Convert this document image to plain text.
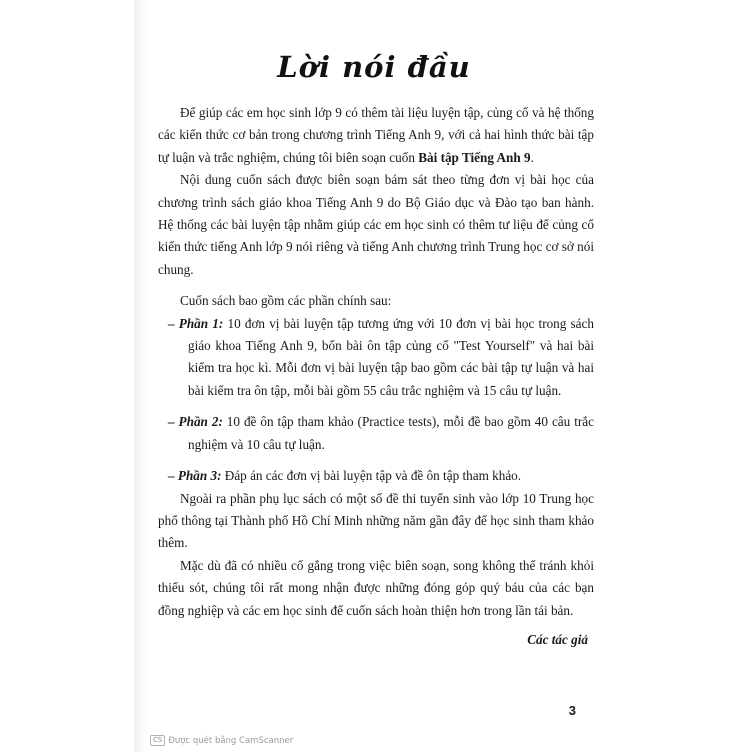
Lời nói đầu

Để giúp các em học sinh lớp 9 có thêm tài liệu luyện tập, củng cố và hệ thống các kiến thức cơ bản trong chương trình Tiếng Anh 9, với cả hai hình thức bài tập tự luận và trắc nghiệm, chúng tôi biên soạn cuốn Bài tập Tiếng Anh 9.

Nội dung cuốn sách được biên soạn bám sát theo từng đơn vị bài học của chương trình sách giáo khoa Tiếng Anh 9 do Bộ Giáo dục và Đào tạo ban hành. Hệ thống các bài luyện tập nhằm giúp các em học sinh có thêm tư liệu để củng cố kiến thức tiếng Anh lớp 9 nói riêng và tiếng Anh chương trình Trung học cơ sở nói chung.

Cuốn sách bao gồm các phần chính sau:

– Phần 1: 10 đơn vị bài luyện tập tương ứng với 10 đơn vị bài học trong sách giáo khoa Tiếng Anh 9, bốn bài ôn tập củng cố "Test Yourself" và hai bài kiểm tra học kì. Mỗi đơn vị bài luyện tập bao gồm các bài tập tự luận và hai bài kiểm tra ôn tập, mỗi bài gồm 55 câu trắc nghiệm và 15 câu tự luận.

– Phần 2: 10 đề ôn tập tham khảo (Practice tests), mỗi đề bao gồm 40 câu trắc nghiệm và 10 câu tự luận.

– Phần 3: Đáp án các đơn vị bài luyện tập và đề ôn tập tham khảo.

Ngoài ra phần phụ lục sách có một số đề thi tuyển sinh vào lớp 10 Trung học phổ thông tại Thành phố Hồ Chí Minh những năm gần đây để học sinh tham khảo thêm.

Mặc dù đã có nhiều cố gắng trong việc biên soạn, song không thể tránh khỏi thiếu sót, chúng tôi rất mong nhận được những đóng góp quý báu của các bạn đồng nghiệp và các em học sinh để cuốn sách hoàn thiện hơn trong lần tái bản.

Các tác giả
3
CS Được quét bằng CamScanner
